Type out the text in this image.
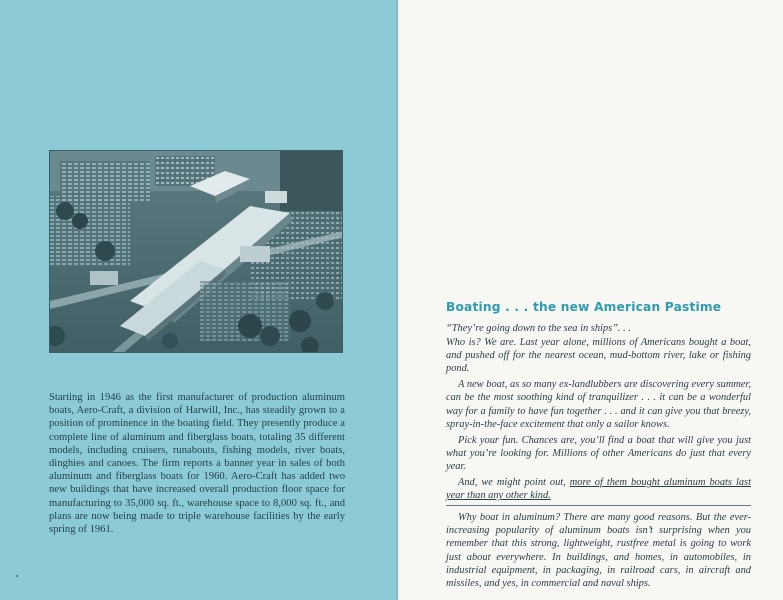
Starting in 1946 as the first manufacturer of production aluminum boats, Aero-Craft, a division of Harwill, Inc., has steadily grown to a position of prominence in the boating field. They presently produce a complete line of aluminum and fiberglass boats, totaling 35 different models, including cruisers, runabouts, fishing models, river boats, dinghies and canoes. The firm reports a banner year in sales of both aluminum and fiberglass boats for 1960. Aero-Craft has added two new buildings that have increased overall production floor space for manufacturing to 35,000 sq. ft., warehouse space to 8,000 sq. ft., and plans are now being made to triple warehouse facilities by the early spring of 1961.

Boating . . . the new American Pastime

“They’re going down to the sea in ships”. . .

Who is? We are. Last year alone, millions of Americans bought a boat, and pushed off for the nearest ocean, mud-bottom river, lake or fishing pond.

A new boat, as so many ex-landlubbers are discovering every summer, can be the most soothing kind of tranquilizer . . . it can be a wonderful way for a family to have fun together . . . and it can give you that breezy, spray-in-the-face excitement that only a sailor knows.

Pick your fun. Chances are, you’ll find a boat that will give you just what you’re looking for. Millions of other Americans do just that every year.

And, we might point out, more of them bought aluminum boats last year than any other kind.

Why boat in aluminum? There are many good reasons. But the ever-increasing popularity of aluminum boats isn’t surprising when you remember that this strong, lightweight, rustfree metal is going to work just about everywhere. In buildings, and homes, in automobiles, in industrial equipment, in packaging, in railroad cars, in aircraft and missiles, and yes, in commercial and naval ships.
